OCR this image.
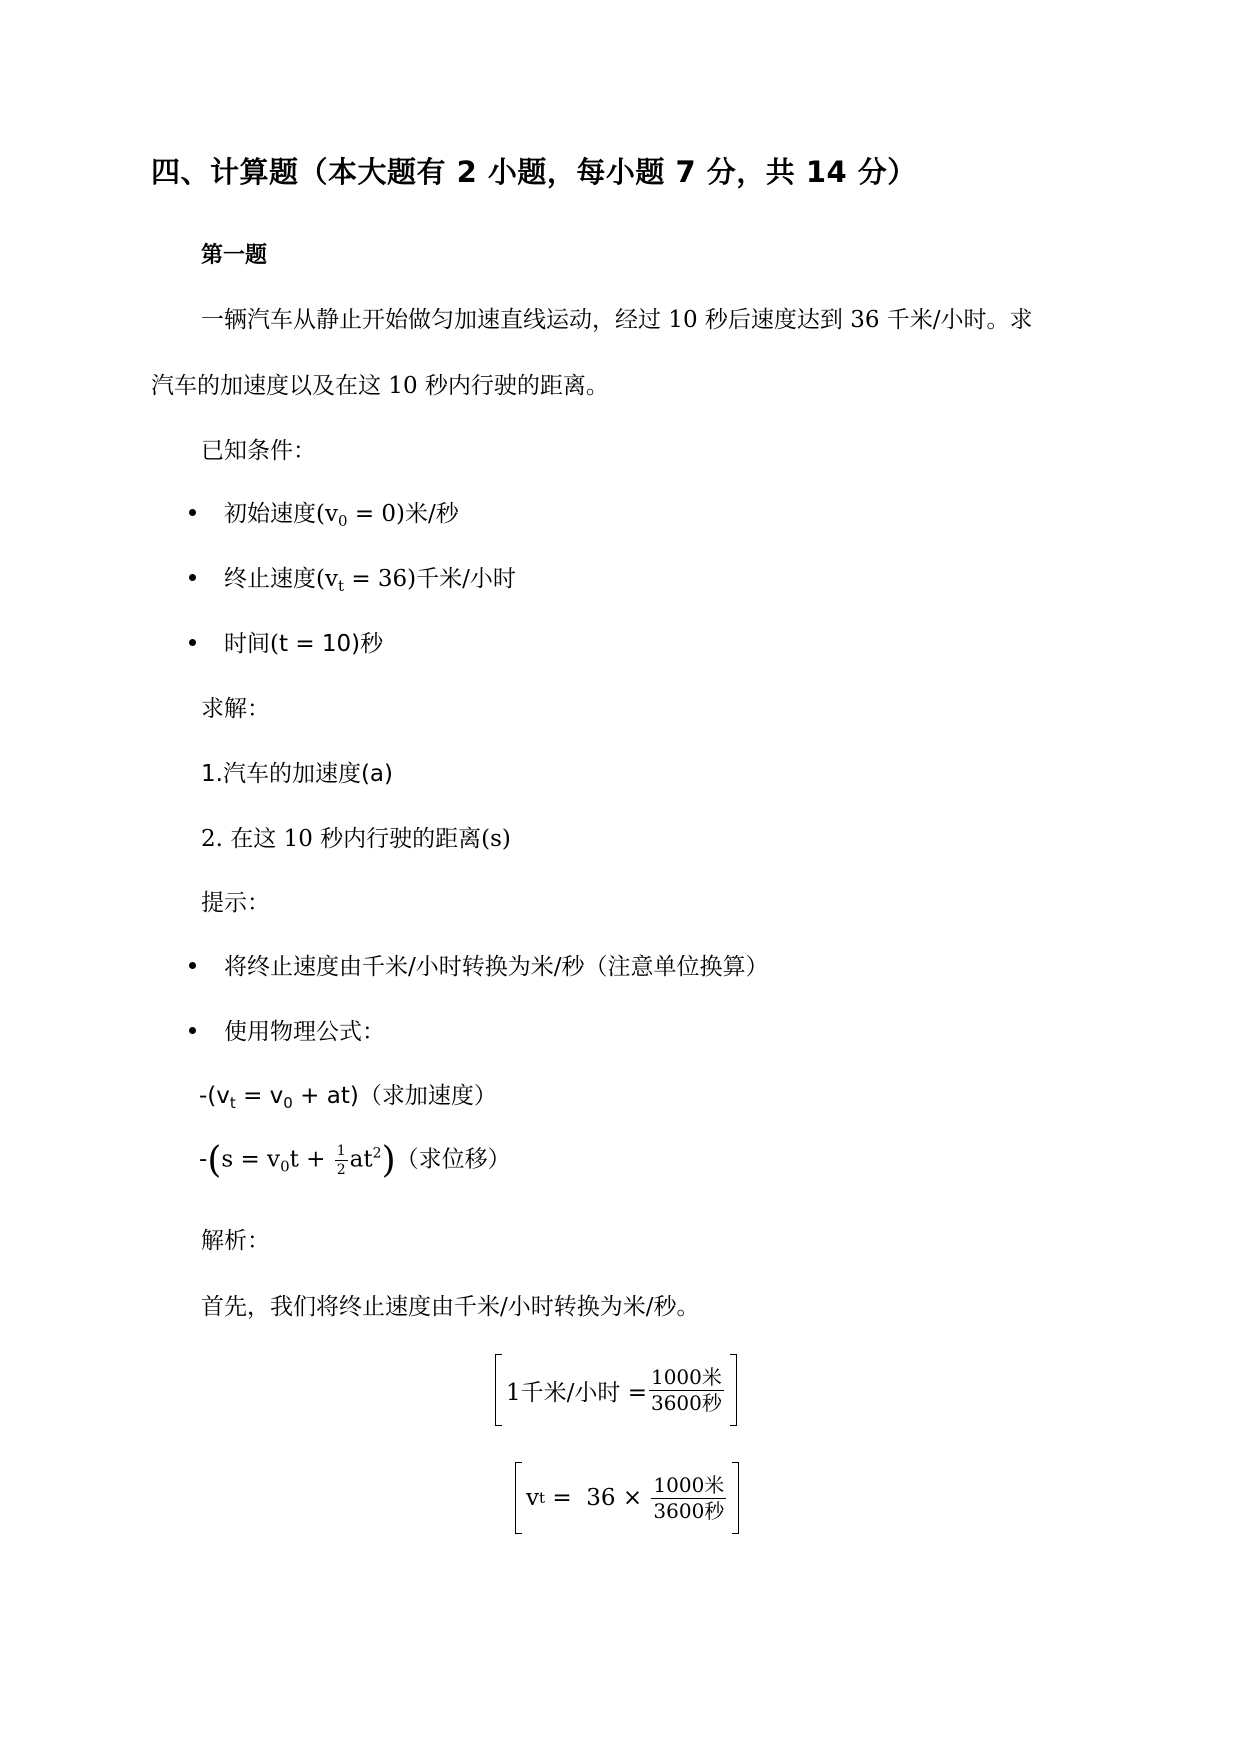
四、计算题（本大题有 2 小题，每小题 7 分，共 14 分）
第一题
一辆汽车从静止开始做匀加速直线运动，经过 10 秒后速度达到 36 千米/小时。求
汽车的加速度以及在这 10 秒内行驶的距离。
已知条件：
初始速度$(v_0 = 0)$米/秒
终止速度$(v_t = 36)$千米/小时
时间(t = 10)秒
求解：
1.汽车的加速度(a)
2. 在这 10 秒内行驶的距离(s)
提示：
将终止速度由千米/小时转换为米/秒（注意单位换算）
使用物理公式：
$-(v_t = v_0 + at)$（求加速度）
$-(s = v_0t + \frac{1}{2} at^2)$（求位移）
解析：
首先，我们将终止速度由千米/小时转换为米/秒。
1千米/小时 = $\frac{\text{1000米}}{\text{3600秒}}$
v $t = 36 \times \frac{\text{1000米}}{\text{3600秒}}$
